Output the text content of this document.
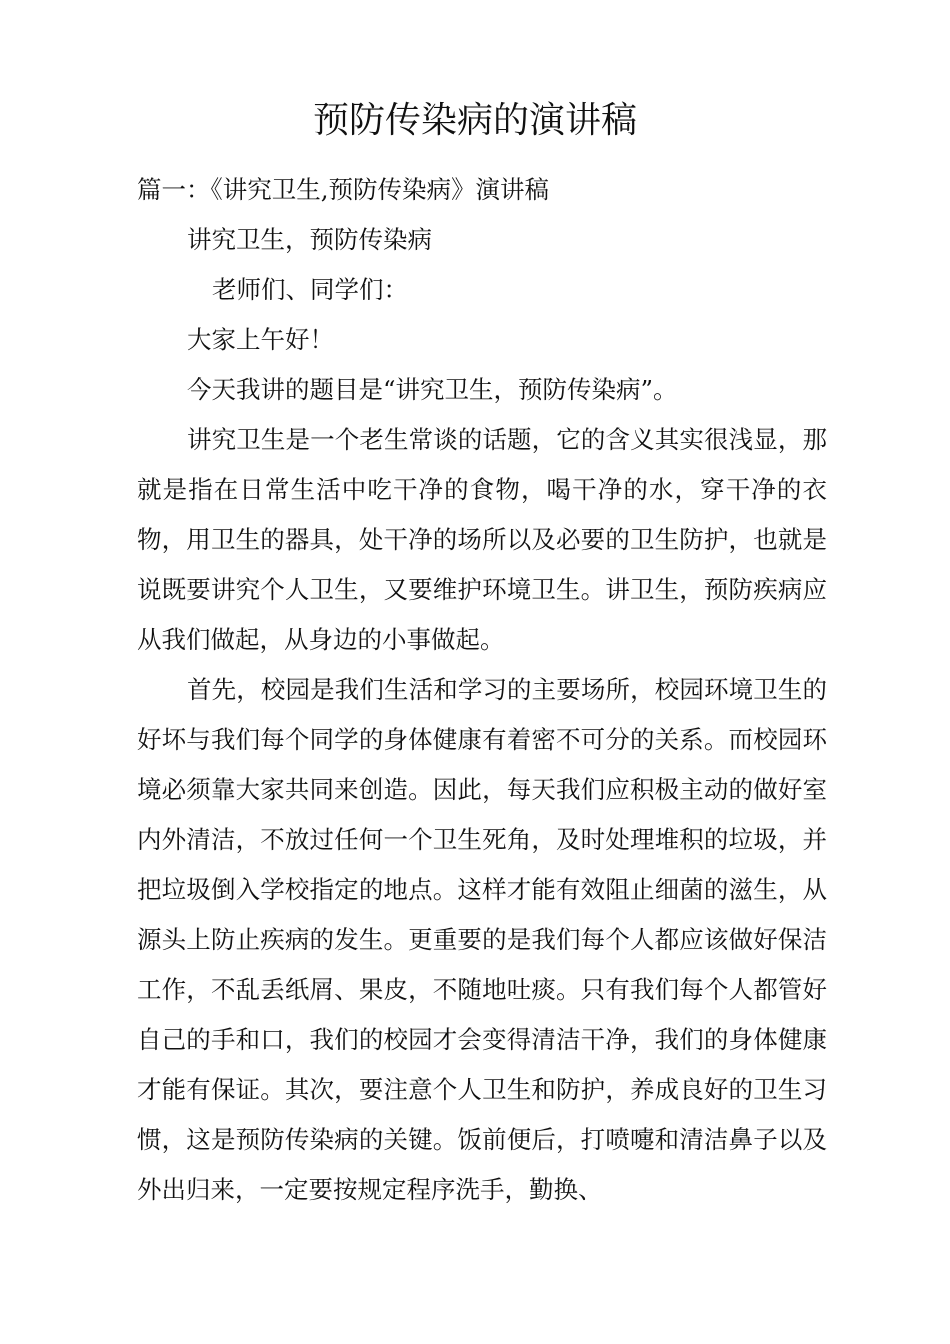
预防传染病的演讲稿

篇一：《讲究卫生,预防传染病》演讲稿

讲究卫生，预防传染病

老师们、同学们：

大家上午好！

今天我讲的题目是“讲究卫生，预防传染病”。

讲究卫生是一个老生常谈的话题，它的含义其实很浅显，那就是指在日常生活中吃干净的食物，喝干净的水，穿干净的衣物，用卫生的器具，处干净的场所以及必要的卫生防护，也就是说既要讲究个人卫生，又要维护环境卫生。讲卫生，预防疾病应从我们做起，从身边的小事做起。

首先，校园是我们生活和学习的主要场所，校园环境卫生的好坏与我们每个同学的身体健康有着密不可分的关系。而校园环境必须靠大家共同来创造。因此，每天我们应积极主动的做好室内外清洁，不放过任何一个卫生死角，及时处理堆积的垃圾，并把垃圾倒入学校指定的地点。这样才能有效阻止细菌的滋生，从源头上防止疾病的发生。更重要的是我们每个人都应该做好保洁工作，不乱丢纸屑、果皮，不随地吐痰。只有我们每个人都管好自己的手和口，我们的校园才会变得清洁干净，我们的身体健康才能有保证。其次，要注意个人卫生和防护，养成良好的卫生习惯，这是预防传染病的关键。饭前便后，打喷嚏和清洁鼻子以及外出归来，一定要按规定程序洗手，勤换、
